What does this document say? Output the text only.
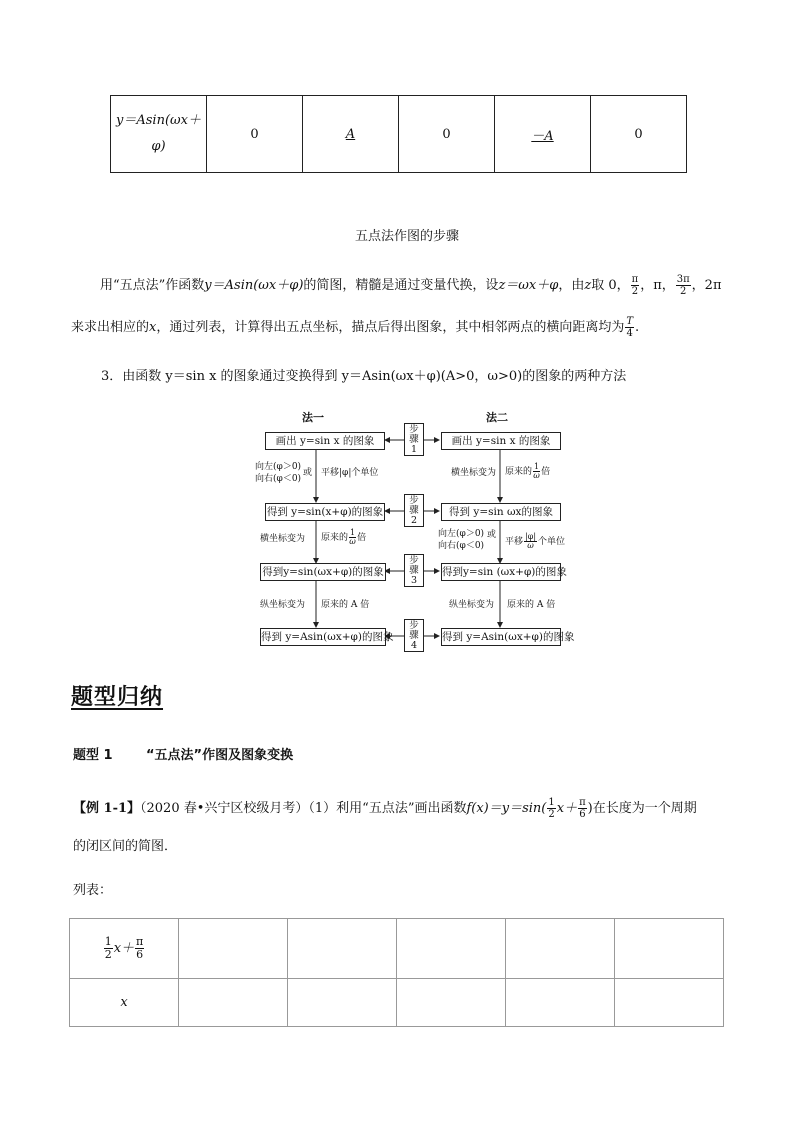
y＝Asin(ωx＋
φ)	0	A	0	－A	0
五点法作图的步骤
用“五点法”作函数y＝Asin(ωx＋φ)的简图，精髓是通过变量代换，设z＝ωx＋φ，由z取 0， $\frac{\pi}{2}$ ，π， $\frac{3\pi}{2}$ ，2π
来求出相应的x，通过列表，计算得出五点坐标，描点后得出图象，其中相邻两点的横向距离均为 $\frac{T}{4}$ .
3．由函数 y＝sin x 的图象通过变换得到 y＝Asin(ωx＋φ)(A>0，ω>0)的图象的两种方法
法一	法二
画出 y=sin x 的图象
得到 y=sin(x+φ)的图象
得到y=sin(ωx+φ)的图象
得到 y=Asin(ωx+φ)的图象
画出 y=sin x 的图象
得到 y=sin ωx的图象
得到y=sin (ωx+φ)的图象
得到 y=Asin(ωx+φ)的图象
步
骤
1
步
骤
2
步
骤
3
步
骤
4
向左(φ＞0)
向右(φ＜0)
或 平移|φ|个单位
横坐标变为 原来的 $\frac{1}{\omega}$ 倍
纵坐标变为 原来的 A 倍
横坐标变为 原来的 $\frac{1}{\omega}$ 倍
向左(φ＞0)
向右(φ＜0)
或
平移 $\frac{|\varphi|}{\omega}$ 个单位
纵坐标变为 原来的 A 倍
题型归纳
题型 1	“五点法”作图及图象变换
【例 1-1】（2020 春•兴宁区校级月考）（1）利用“五点法”画出函数$f(x)=y=\sin( \frac{1}{2} x+ \frac{\pi}{6}$ )在长度为一个周期
的闭区间的简图．
列表：
$\frac{1}{2} x+ \frac{\pi}{6}$

x					
